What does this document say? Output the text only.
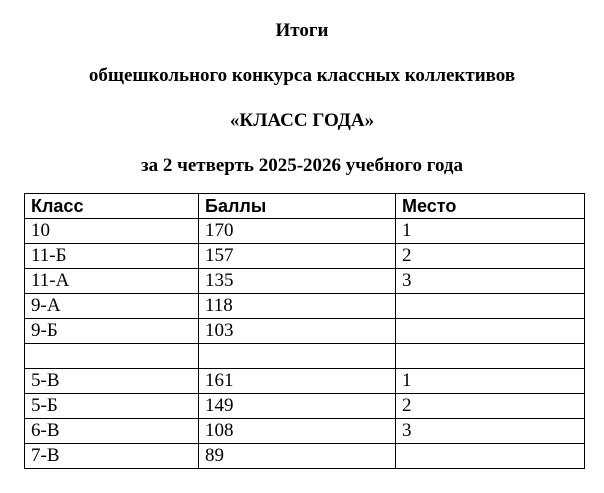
Итоги
общешкольного конкурса классных коллективов
«КЛАСС ГОДА»
за 2 четверть 2025-2026 учебного года
Класс	Баллы	Место
10	170	1
11-Б	157	2
11-А	135	3
9-А	118	
9-Б	103	

5-В	161	1
5-Б	149	2
6-В	108	3
7-В	89	
